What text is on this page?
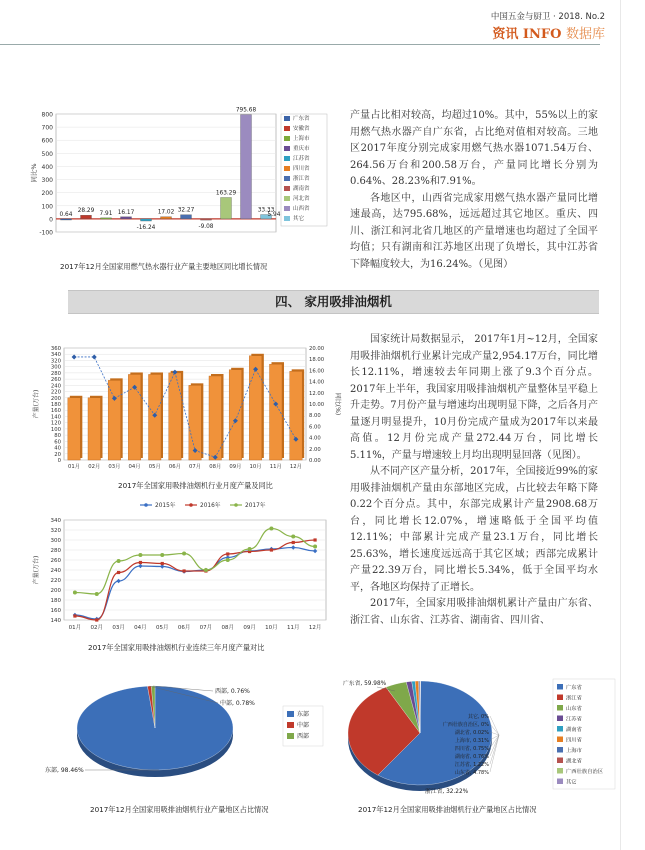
中国五金与厨卫 · 2018. No.2
资讯 INFO 数据库
-100
0
100
200
300
400
500
600
700
800
同比%
0.64
28.29 7.91 16.17
-16.24
17.02 32.27
-9.08
163.29
795.68
33.33
5.94
广东省
安徽省
上海市
重庆市
江苏省
四川省
浙江省
湖南省
河北省
山西省
其它
2017年12月全国家用燃气热水器行业产量主要地区同比增长情况

产量占比相对较高，均超过10%。其中，55%以上的家用燃气热水器产自广东省，占比绝对值相对较高。三地区2017年度分别完成家用燃气热水器1071.54万台、264.56万台和200.58万台，产量同比增长分别为0.64%、28.23%和7.91%。

各地区中，山西省完成家用燃气热水器产量同比增速最高，达795.68%，远远超过其它地区。重庆、四川、浙江和河北省几地区的产量增速也均超过了全国平均值；只有湖南和江苏地区出现了负增长，其中江苏省下降幅度较大，为16.24%。（见图）

四、 家用吸排油烟机
0
20
40
60
80
100
120
140
160
180
200
220
240
260
280
300
320
340
360
0.00
2.00
4.00
6.00
8.00
10.00
12.00
14.00
16.00
18.00
20.00
产量(万台)	同比(%)
01月 02月 03月 04月 05月 06月 07月 08月 09月 10月 11月 12月
2017年全国家用吸排油烟机行业月度产量及同比
140
160
180
200
220
240
260
280
300
320
340
产量(万台)
01月 02月 03月 04月 05月 06月 07月 08月 09月 10月 11月 12月
2015年	2016年	2017年
2017年全国家用吸排油烟机行业连续三年月度产量对比

国家统计局数据显示， 2017年1月~12月，全国家用吸排油烟机行业累计完成产量2,954.17万台，同比增长12.11%，增速较去年同期上涨了9.3个百分点。2017年上半年，我国家用吸排油烟机产量整体呈平稳上升走势。7月份产量与增速均出现明显下降，之后各月产量逐月明显提升，10月份完成产量成为2017年以来最高值。12月份完成产量272.44万台，同比增长5.11%，产量与增速较上月均出现明显回落（见图）。

从不同产区产量分析，2017年，全国接近99%的家用吸排油烟机产量由东部地区完成，占比较去年略下降0.22个百分点。其中，东部完成累计产量2908.68万台，同比增长12.07%，增速略低于全国平均值12.11%；中部累计完成产量23.1万台，同比增长25.63%，增长速度远远高于其它区域；西部完成累计产量22.39万台，同比增长5.34%，低于全国平均水平，各地区均保持了正增长。

2017年，全国家用吸排油烟机累计产量由广东省、浙江省、山东省、江苏省、湖南省、四川省、

东部, 98.46%
中部, 0.78%
西部, 0.76%
东部
中部
西部
2017年12月全国家用吸排油烟机行业产量地区占比情况
广东省, 59.98%
浙江省, 32.22%
其它, 0%
广西壮族自治区, 0%
湖北省, 0.02%
上海市, 0.31%
四川省, 0.75%
湖南省, 0.76%
江苏省, 1.22%
山东省, 4.78%
广东省
浙江省
山东省
江苏省
湖南省
四川省
上海市
湖北省
广西壮族自治区
其它
2017年12月全国家用吸排油烟机行业产量地区占比情况
